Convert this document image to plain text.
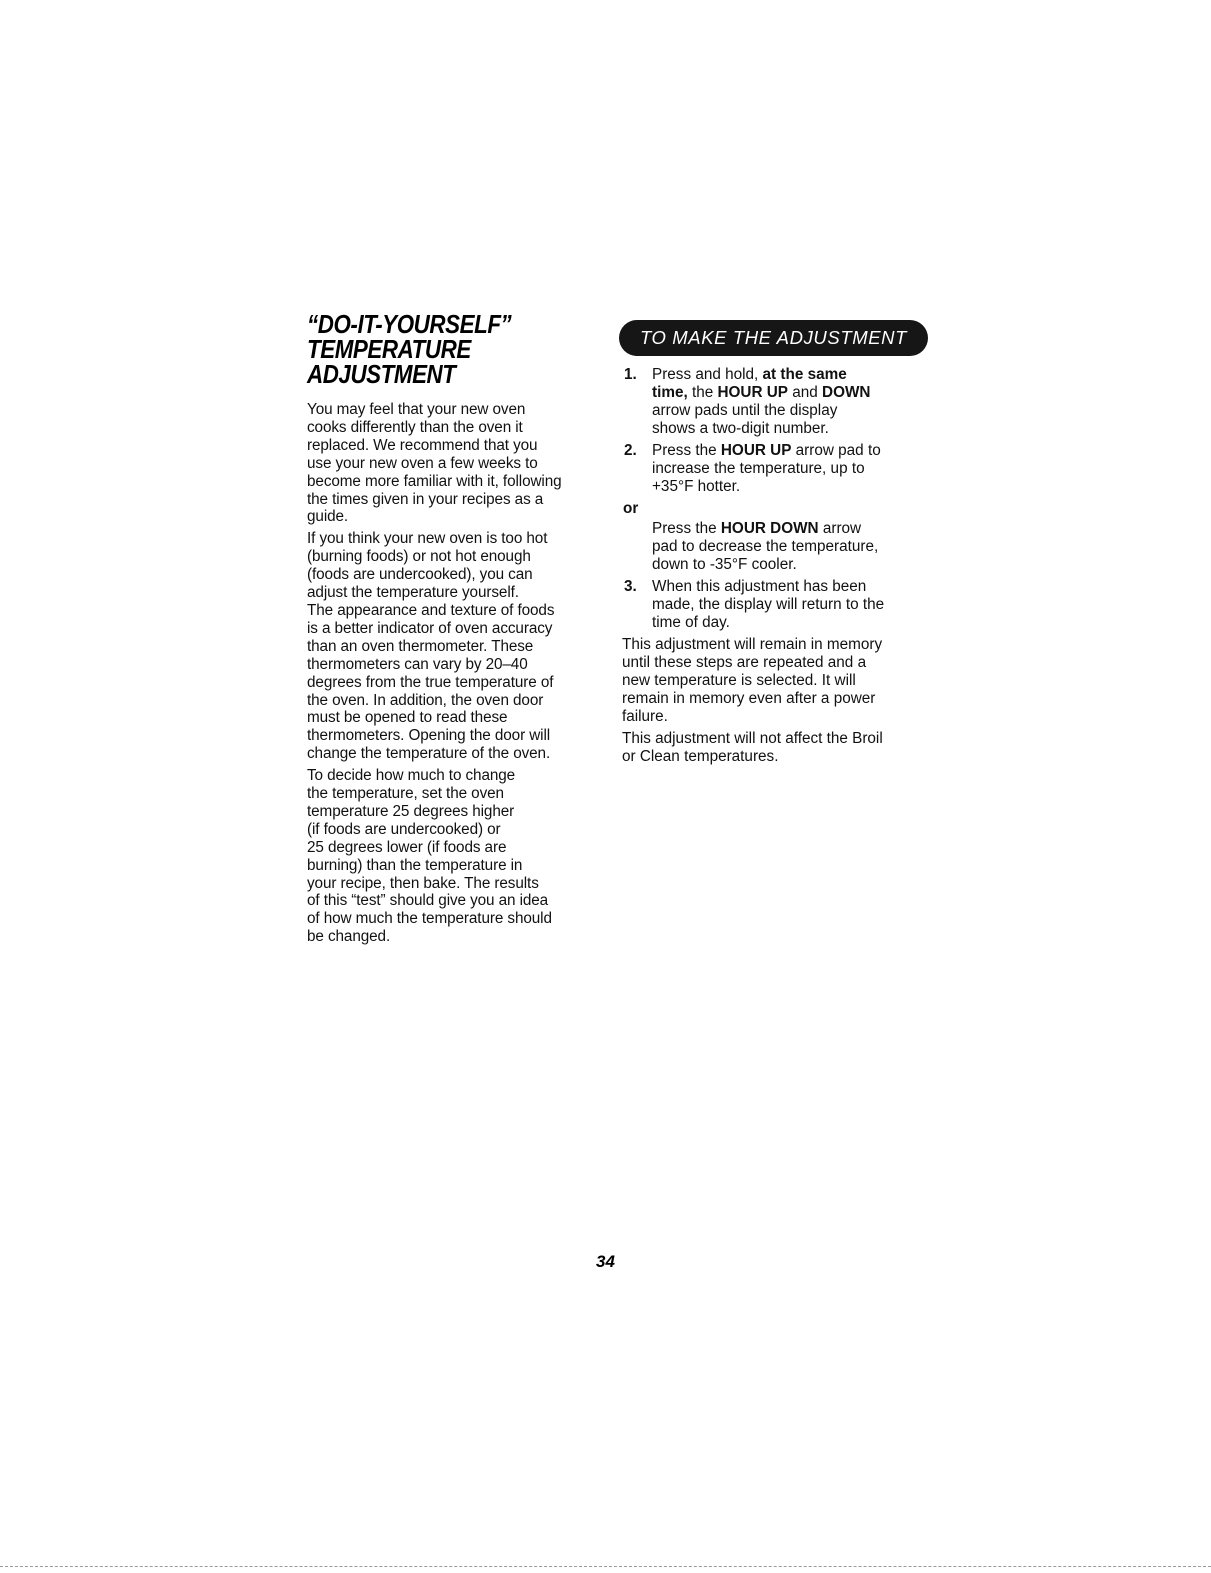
“DO-IT-YOURSELF”
TEMPERATURE
ADJUSTMENT

You may feel that your new oven
cooks differently than the oven it
replaced. We recommend that you
use your new oven a few weeks to
become more familiar with it, following
the times given in your recipes as a
guide.

If you think your new oven is too hot
(burning foods) or not hot enough
(foods are undercooked), you can
adjust the temperature yourself.

The appearance and texture of foods
is a better indicator of oven accuracy
than an oven thermometer. These
thermometers can vary by 20–40
degrees from the true temperature of
the oven. In addition, the oven door
must be opened to read these
thermometers. Opening the door will
change the temperature of the oven.

To decide how much to change
the temperature, set the oven
temperature 25 degrees higher
(if foods are undercooked) or
25 degrees lower (if foods are
burning) than the temperature in
your recipe, then bake. The results
of this “test” should give you an idea
of how much the temperature should
be changed.

TO MAKE THE ADJUSTMENT
1. Press and hold, at the same
time, the HOUR UP and DOWN
arrow pads until the display
shows a two-digit number.
2. Press the HOUR UP arrow pad to
increase the temperature, up to
+35°F hotter.
or
Press the HOUR DOWN arrow
pad to decrease the temperature,
down to -35°F cooler.
3. When this adjustment has been
made, the display will return to the
time of day.

This adjustment will remain in memory
until these steps are repeated and a
new temperature is selected. It will
remain in memory even after a power
failure.

This adjustment will not affect the Broil
or Clean temperatures.

34
